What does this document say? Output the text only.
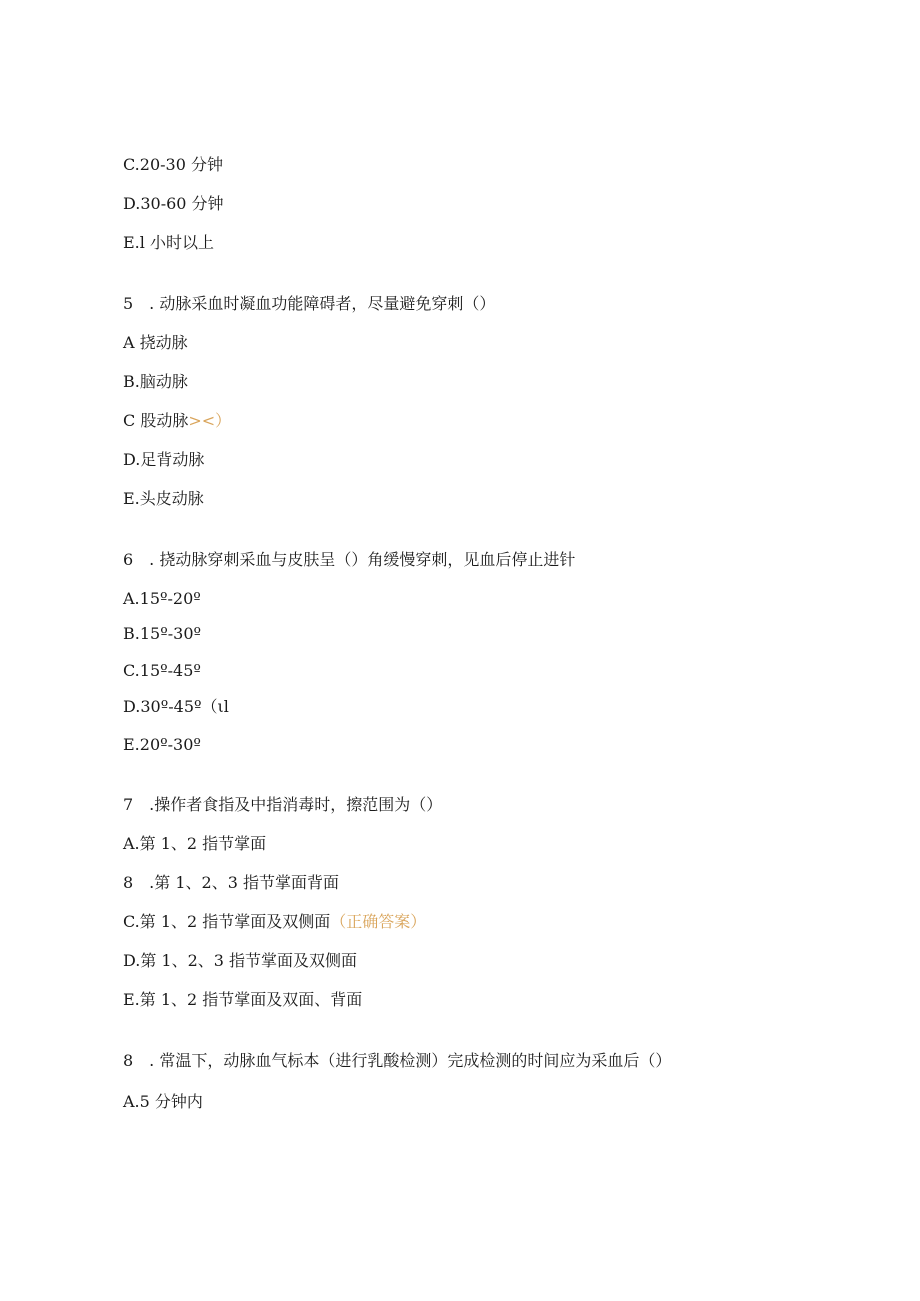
C.20-30 分钟
D.30-60 分钟
E.l 小时以上
5　. 动脉采血时凝血功能障碍者，尽量避免穿刺（）
A 挠动脉
B.脑动脉
C 股动脉><）
D.足背动脉
E.头皮动脉
6　. 挠动脉穿刺采血与皮肤呈（）角缓慢穿刺，见血后停止进针
A.15º-20º
B.15º-30º
C.15º-45º
D.30º-45º（ιl
E.20º-30º
7　.操作者食指及中指消毒时，擦范围为（）
A.第 1、2 指节掌面
8　.第 1、2、3 指节掌面背面
C.第 1、2 指节掌面及双侧面（正确答案）
D.第 1、2、3 指节掌面及双侧面
E.第 1、2 指节掌面及双面、背面
8　. 常温下，动脉血气标本（进行乳酸检测）完成检测的时间应为采血后（）
A.5 分钟内
